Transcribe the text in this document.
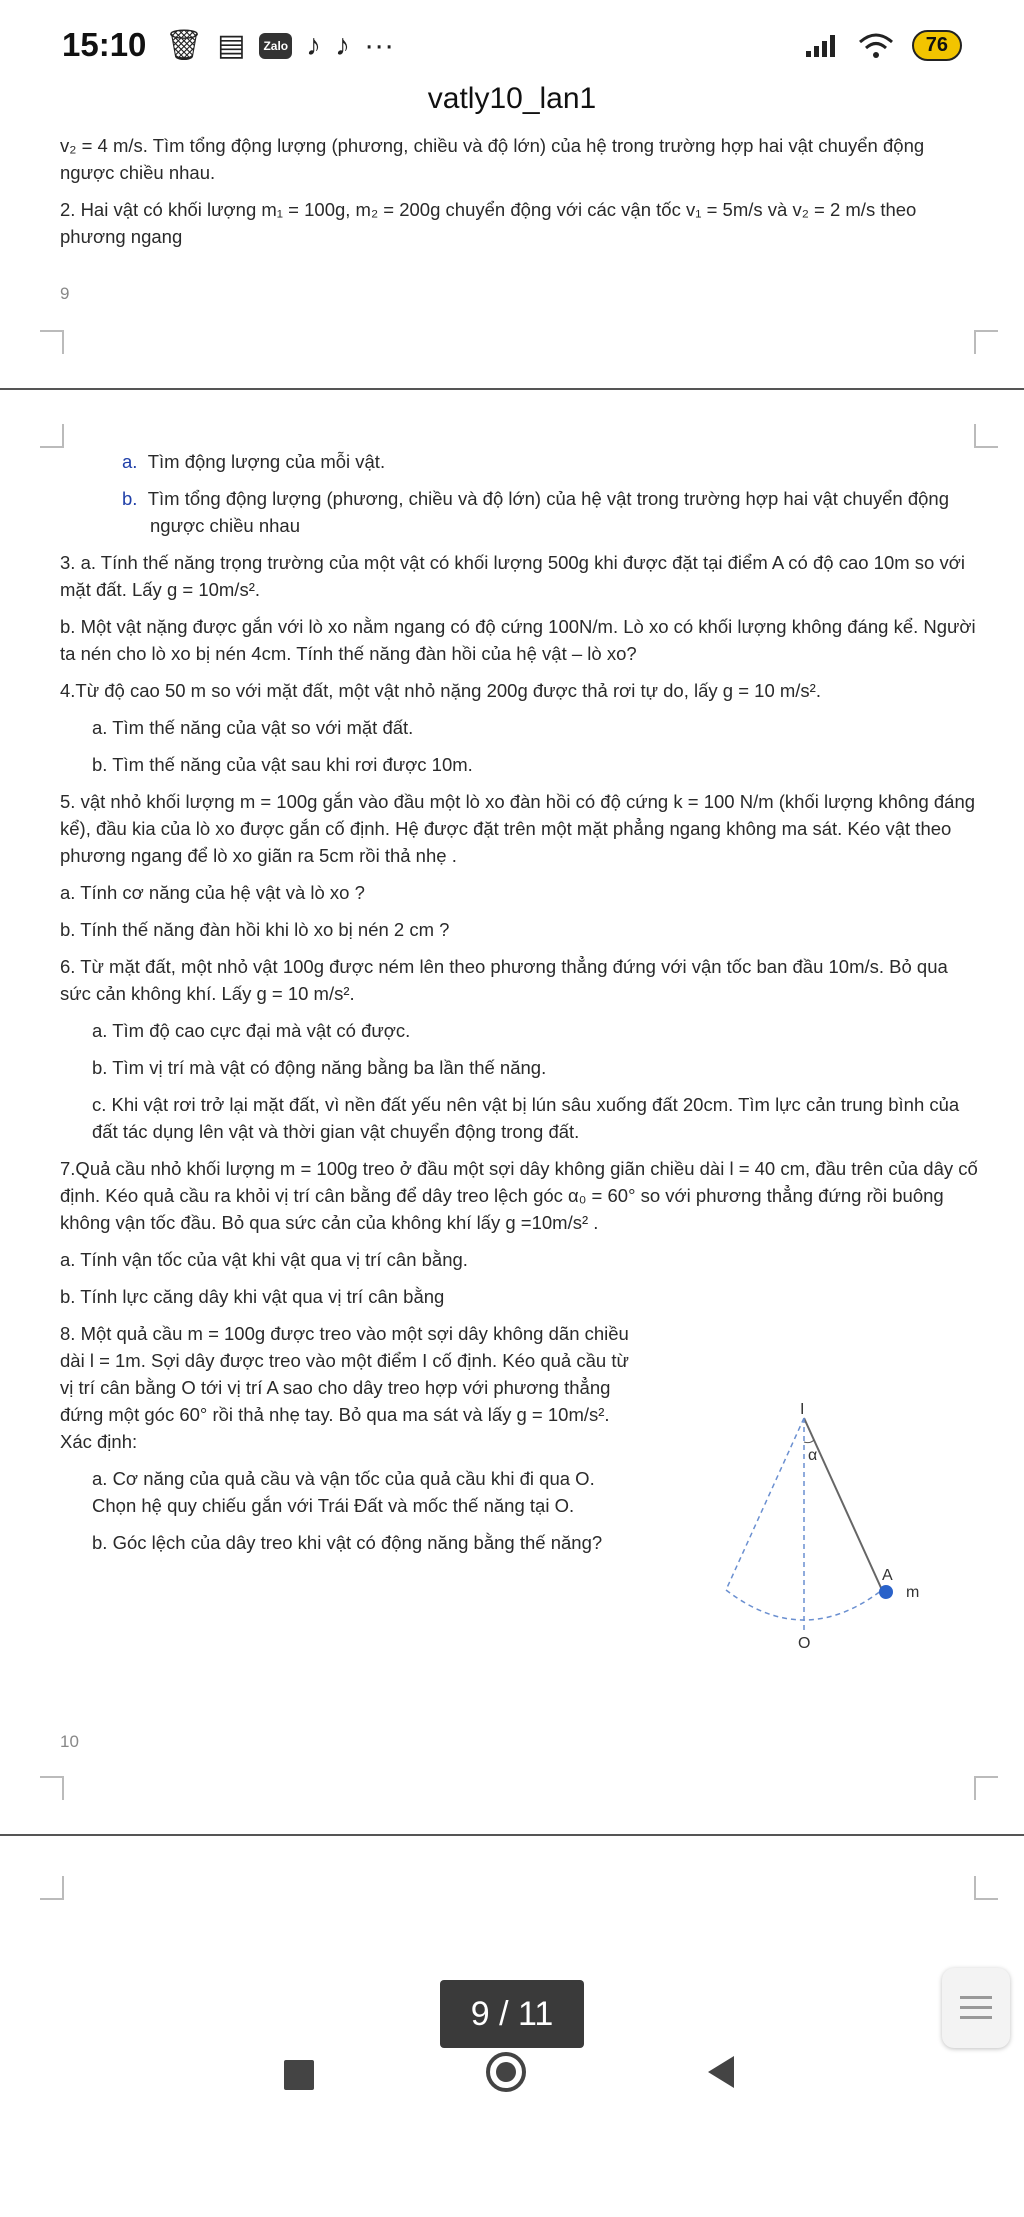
15:10 🗑 ▤	Zalo ♪ ♪ ···	76
vatly10_lan1

v₂ = 4 m/s. Tìm tổng động lượng (phương, chiều và độ lớn) của hệ trong trường hợp hai vật chuyển động ngược chiều nhau.

2. Hai vật có khối lượng m₁ = 100g, m₂ = 200g chuyển động với các vận tốc v₁ = 5m/s và v₂ = 2 m/s theo phương ngang

9

a. Tìm động lượng của mỗi vật.

b. Tìm tổng động lượng (phương, chiều và độ lớn) của hệ vật trong trường hợp hai vật chuyển động ngược chiều nhau

3. a. Tính thế năng trọng trường của một vật có khối lượng 500g khi được đặt tại điểm A có độ cao 10m so với mặt đất. Lấy g = 10m/s².

b. Một vật nặng được gắn với lò xo nằm ngang có độ cứng 100N/m. Lò xo có khối lượng không đáng kể. Người ta nén cho lò xo bị nén 4cm. Tính thế năng đàn hồi của hệ vật – lò xo?

4.Từ độ cao 50 m so với mặt đất, một vật nhỏ nặng 200g được thả rơi tự do, lấy g = 10 m/s².

a. Tìm thế năng của vật so với mặt đất.

b. Tìm thế năng của vật sau khi rơi được 10m.

5. vật nhỏ khối lượng m = 100g gắn vào đầu một lò xo đàn hồi có độ cứng k = 100 N/m (khối lượng không đáng kể), đầu kia của lò xo được gắn cố định. Hệ được đặt trên một mặt phẳng ngang không ma sát. Kéo vật theo phương ngang để lò xo giãn ra 5cm rồi thả nhẹ .

a. Tính cơ năng của hệ vật và lò xo ?

b. Tính thế năng đàn hồi khi lò xo bị nén 2 cm ?

6. Từ mặt đất, một nhỏ vật 100g được ném lên theo phương thẳng đứng với vận tốc ban đầu 10m/s. Bỏ qua sức cản không khí. Lấy g = 10 m/s².

a. Tìm độ cao cực đại mà vật có được.

b. Tìm vị trí mà vật có động năng bằng ba lần thế năng.

c. Khi vật rơi trở lại mặt đất, vì nền đất yếu nên vật bị lún sâu xuống đất 20cm. Tìm lực cản trung bình của đất tác dụng lên vật và thời gian vật chuyển động trong đất.

7.Quả cầu nhỏ khối lượng m = 100g treo ở đầu một sợi dây không giãn chiều dài l = 40 cm, đầu trên của dây cố định. Kéo quả cầu ra khỏi vị trí cân bằng để dây treo lệch góc α₀ = 60° so với phương thẳng đứng rồi buông không vận tốc đầu. Bỏ qua sức cản của không khí lấy g =10m/s² .

a. Tính vận tốc của vật khi vật qua vị trí cân bằng.

b. Tính lực căng dây khi vật qua vị trí cân bằng

8. Một quả cầu m = 100g được treo vào một sợi dây không dãn chiều dài l = 1m. Sợi dây được treo vào một điểm I cố định. Kéo quả cầu từ vị trí cân bằng O tới vị trí A sao cho dây treo hợp với phương thẳng đứng một góc 60° rồi thả nhẹ tay. Bỏ qua ma sát và lấy g = 10m/s². Xác định:

a. Cơ năng của quả cầu và vận tốc của quả cầu khi đi qua O. Chọn hệ quy chiếu gắn với Trái Đất và mốc thế năng tại O.

b. Góc lệch của dây treo khi vật có động năng bằng thế năng?

I
α
A
m
O
10
9 / 11
